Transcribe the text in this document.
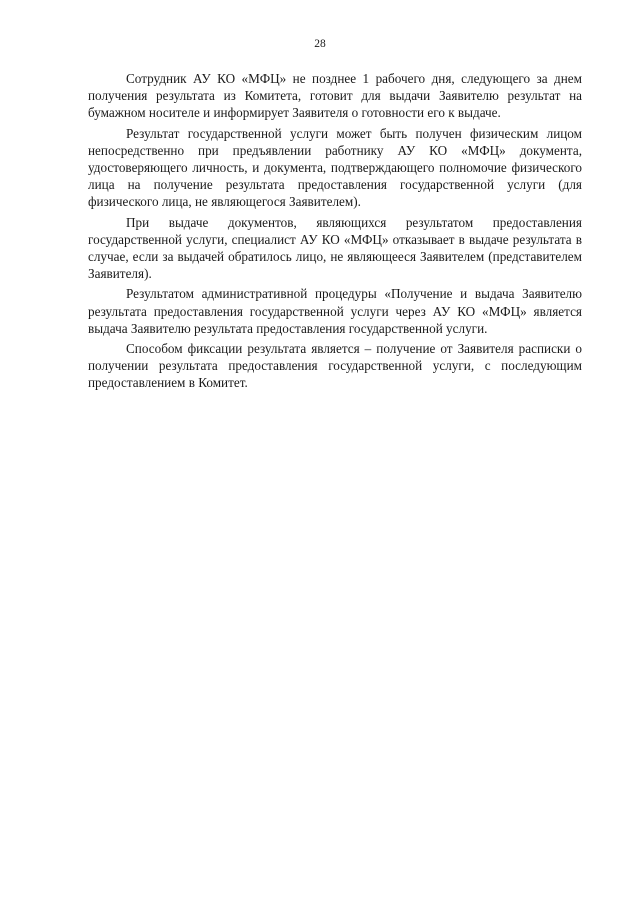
28

Сотрудник АУ КО «МФЦ» не позднее 1 рабочего дня, следующего за днем получения результата из Комитета, готовит для выдачи Заявителю результат на бумажном носителе и информирует Заявителя о готовности его к выдаче.

Результат государственной услуги может быть получен физическим лицом непосредственно при предъявлении работнику АУ КО «МФЦ» документа, удостоверяющего личность, и документа, подтверждающего полномочие физического лица на получение результата предоставления государственной услуги (для физического лица, не являющегося Заявителем).

При выдаче документов, являющихся результатом предоставления государственной услуги, специалист АУ КО «МФЦ» отказывает в выдаче результата в случае, если за выдачей обратилось лицо, не являющееся Заявителем (представителем Заявителя).

Результатом административной процедуры «Получение и выдача Заявителю результата предоставления государственной услуги через АУ КО «МФЦ» является выдача Заявителю результата предоставления государственной услуги.

Способом фиксации результата является – получение от Заявителя расписки о получении результата предоставления государственной услуги, с последующим предоставлением в Комитет.
